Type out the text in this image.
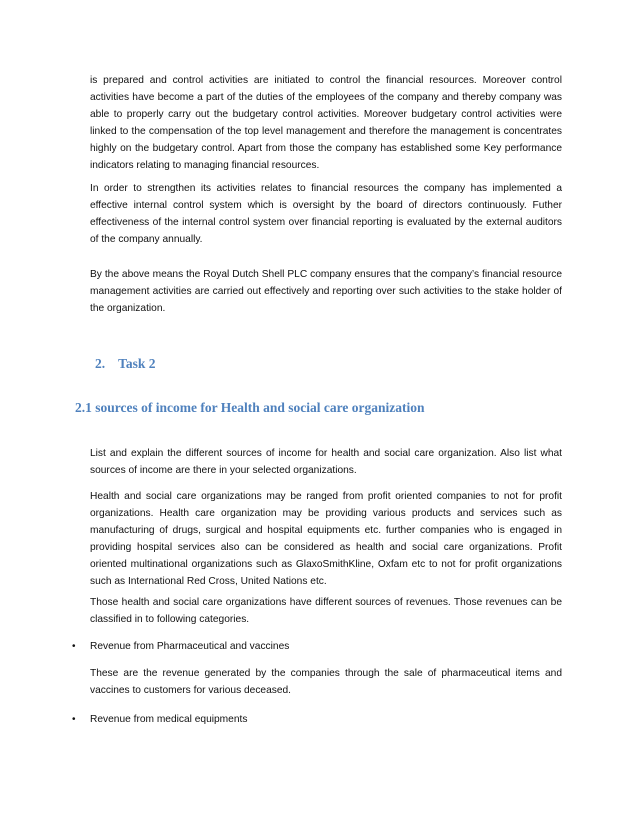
is prepared and control activities are initiated to control the financial resources. Moreover control activities have become a part of the duties of the employees of the company and thereby company was able to properly carry out the budgetary control activities. Moreover budgetary control activities were linked to the compensation of the top level management and therefore the management is concentrates highly on the budgetary control. Apart from those the company has established some Key performance indicators relating to managing financial resources.

In order to strengthen its activities relates to financial resources the company has implemented a effective internal control system which is oversight by the board of directors continuously. Futher effectiveness of the internal control system over financial reporting is evaluated by the external auditors of the company annually.

By the above means the Royal Dutch Shell PLC company ensures that the company’s financial resource management activities are carried out effectively and reporting over such activities to the stake holder of the organization.

2. Task 2
2.1 sources of income for Health and social care organization

List and explain the different sources of income for health and social care organization. Also list what sources of income are there in your selected organizations.

Health and social care organizations may be ranged from profit oriented companies to not for profit organizations. Health care organization may be providing various products and services such as manufacturing of drugs, surgical and hospital equipments etc. further companies who is engaged in providing hospital services also can be considered as health and social care organizations. Profit oriented multinational organizations such as GlaxoSmithKline, Oxfam etc to not for profit organizations such as International Red Cross, United Nations etc.

Those health and social care organizations have different sources of revenues. Those revenues can be classified in to following categories.

• Revenue from Pharmaceutical and vaccines

These are the revenue generated by the companies through the sale of pharmaceutical items and vaccines to customers for various deceased.

• Revenue from medical equipments
